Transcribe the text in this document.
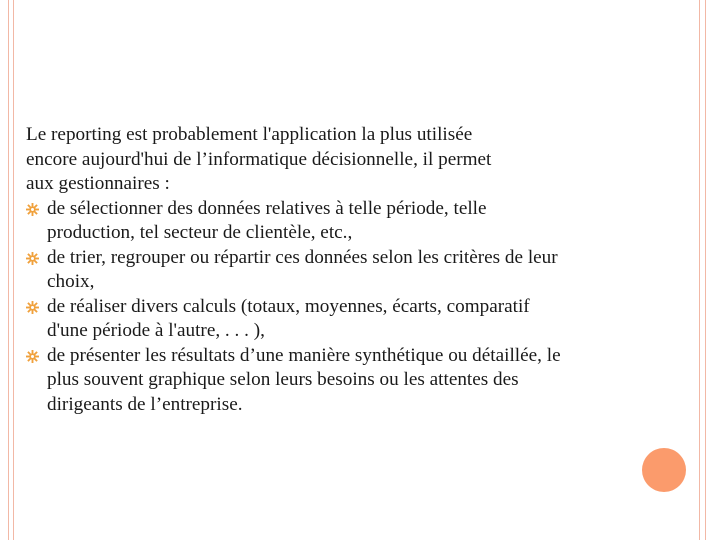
Le reporting est probablement l'application la plus utilisée
encore aujourd'hui de l’informatique décisionnelle, il permet
aux gestionnaires :
de sélectionner des données relatives à telle période, telle
production, tel secteur de clientèle, etc.,
de trier, regrouper ou répartir ces données selon les critères de leur
choix,
de réaliser divers calculs (totaux, moyennes, écarts, comparatif
d'une période à l'autre, . . . ),
de présenter les résultats d’une manière synthétique ou détaillée, le
plus souvent graphique selon leurs besoins ou les attentes des
dirigeants de l’entreprise.
